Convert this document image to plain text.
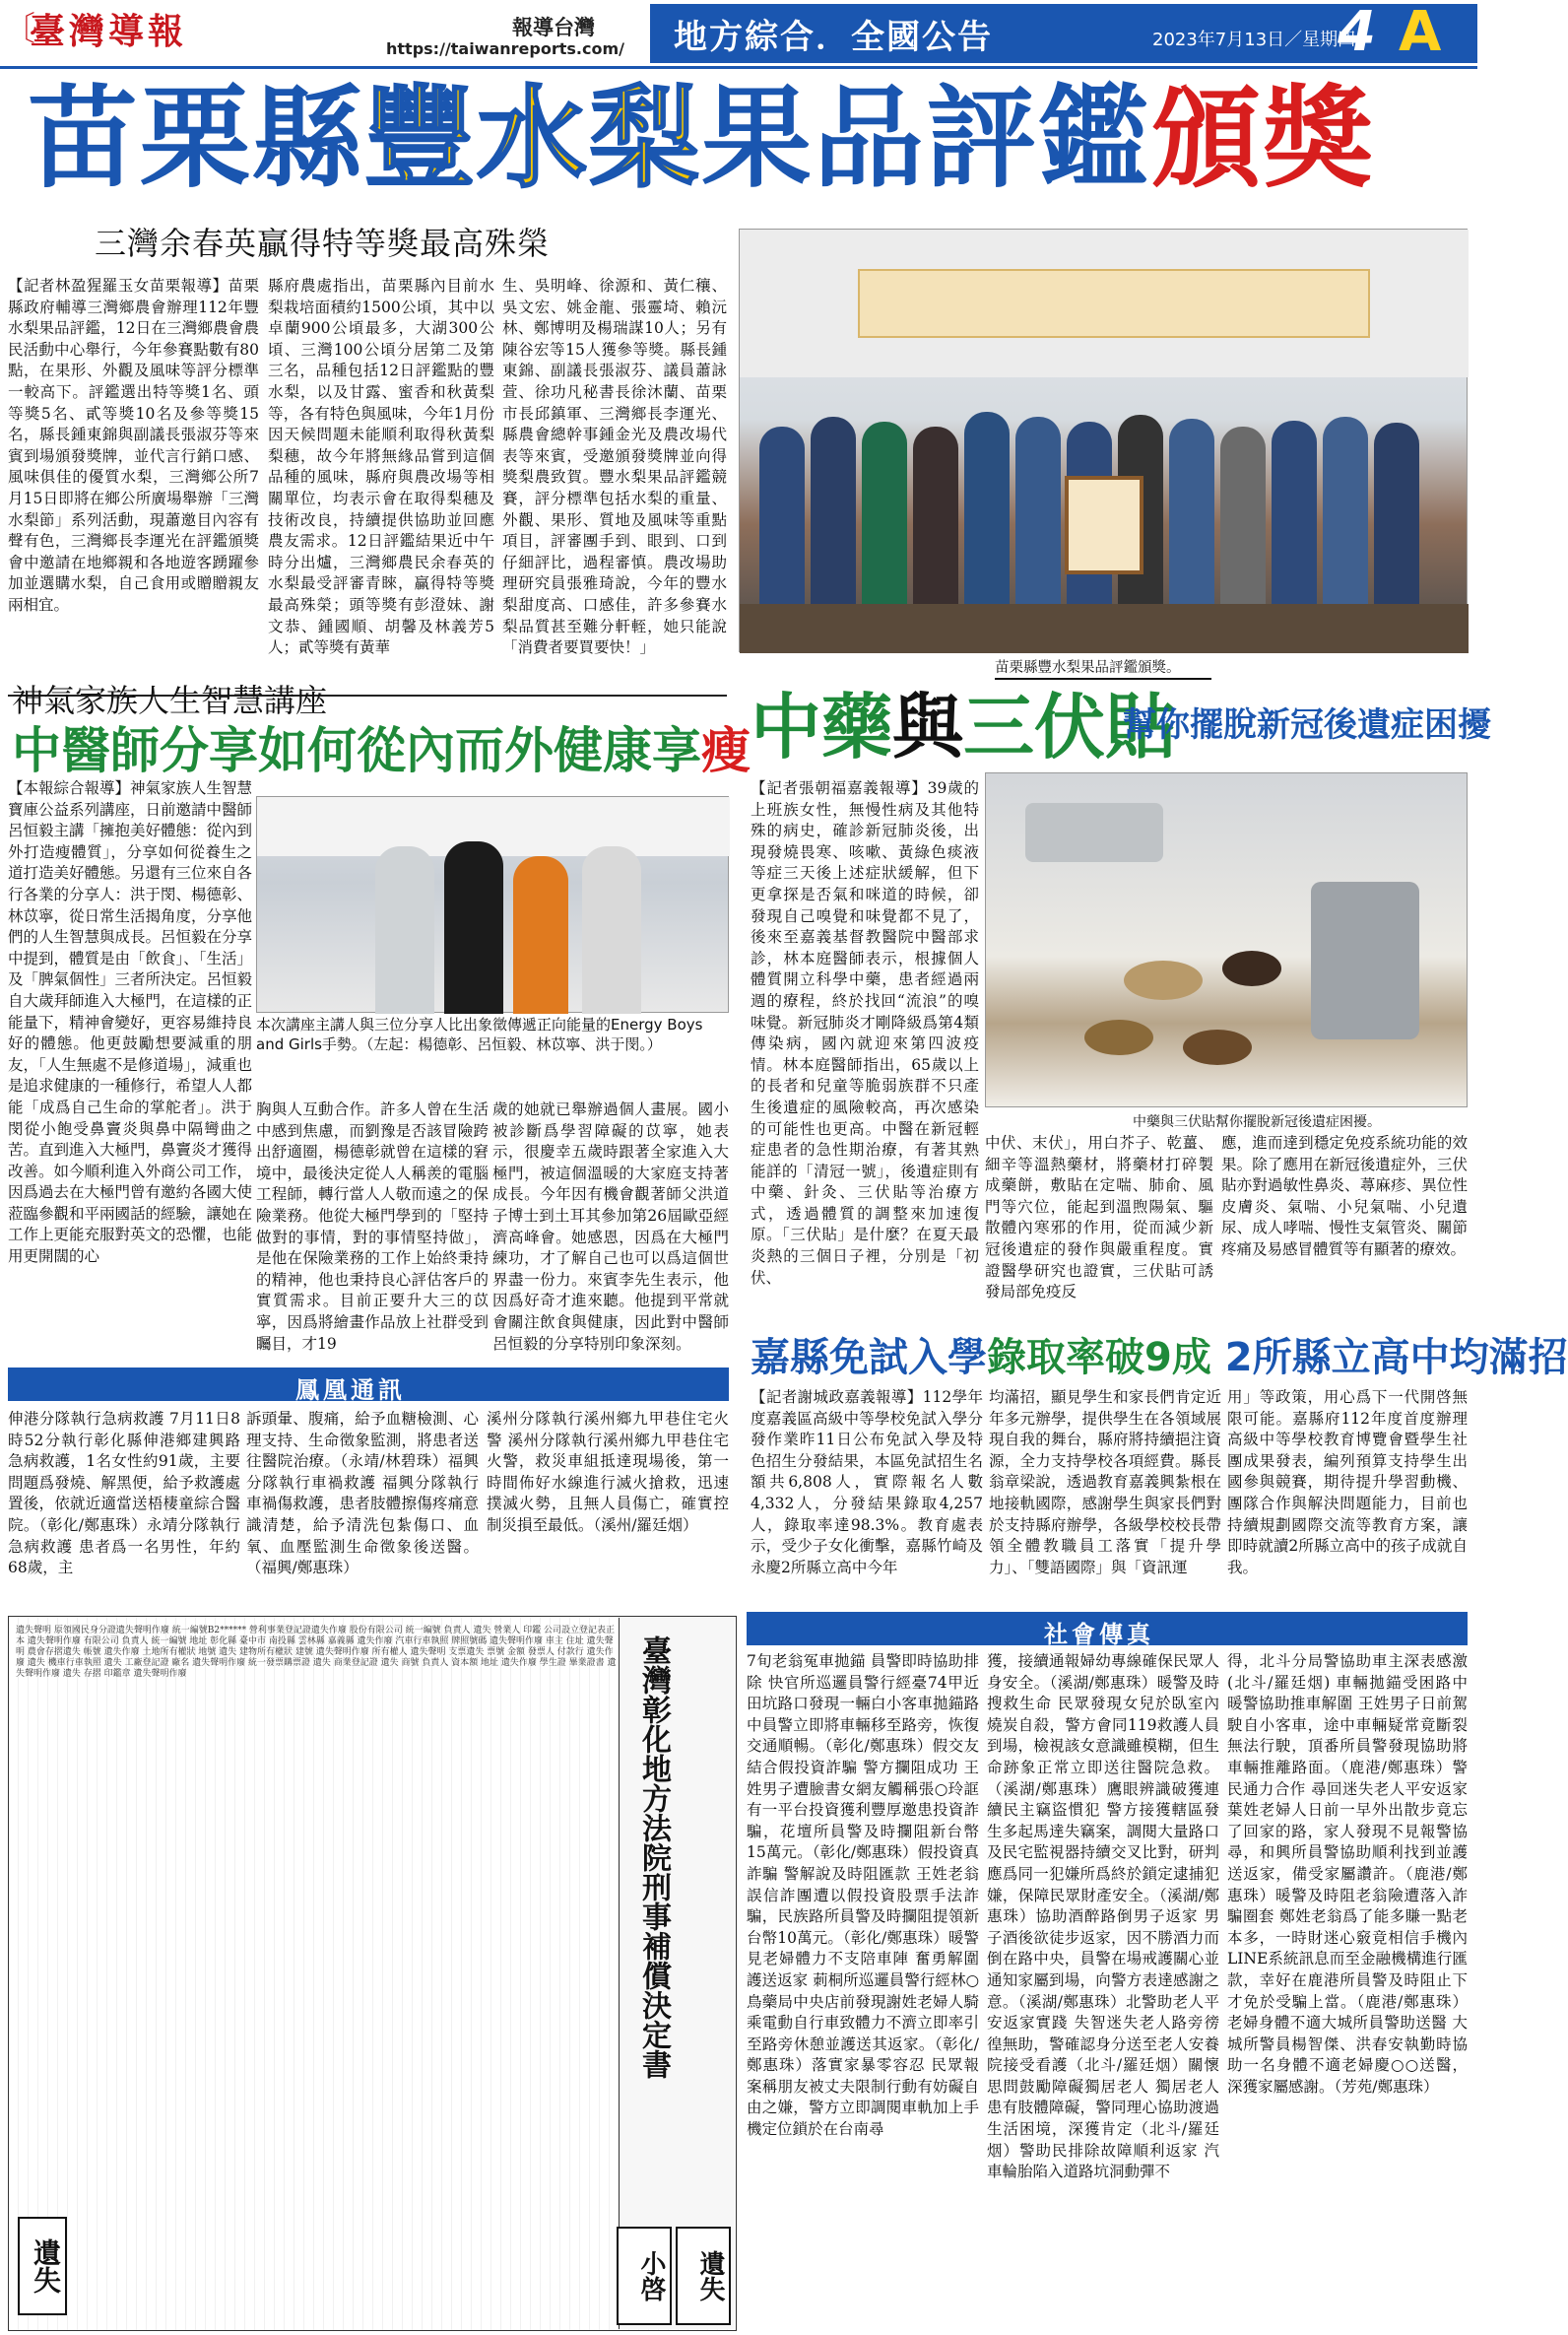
〔
臺灣導報	報導台灣
https://taiwanreports.com/ 地方綜合．全國公告	2023年7月13日／星期四
4 A
苗栗縣豐水梨果品評鑑頒獎
三灣余春英贏得特等獎最高殊榮
【記者林盈猩羅玉女苗栗報導】苗栗縣政府輔導三灣鄉農會辦理112年豐水梨果品評鑑，12日在三灣鄉農會農民活動中心舉行，今年參賽點數有80點，在果形、外觀及風味等評分標準一較高下。評鑑選出特等獎1名、頭等獎5名、貳等獎10名及參等獎15名，縣長鍾東錦與副議長張淑芬等來賓到場頒發獎牌，並代言行銷口感、風味俱佳的優質水梨，三灣鄉公所7月15日即將在鄉公所廣場舉辦「三灣水梨節」系列活動，現蕭邀目內容有聲有色，三灣鄉長李運光在評鑑頒獎會中邀請在地鄉親和各地遊客踴躍參加並選購水梨，自己食用或贈贈親友兩相宜。
縣府農處指出，苗栗縣內目前水梨栽培面積約1500公頃，其中以卓蘭900公頃最多，大湖300公頃、三灣100公頃分居第二及第三名，品種包括12日評鑑點的豐水梨，以及甘露、蜜香和秋黃梨等，各有特色與風味，今年1月份因天候問題未能順利取得秋黃梨梨穗，故今年將無緣品嘗到這個品種的風味，縣府與農改場等相關單位，均表示會在取得梨穗及技術改良，持續提供協助並回應農友需求。12日評鑑結果近中午時分出爐，三灣鄉農民余春英的水梨最受評審青睞，贏得特等獎最高殊榮；頭等獎有彭澄妹、謝文恭、鍾國順、胡馨及林義芳5人；貳等獎有黃華
生、吳明峰、徐源和、黃仁穰、吳文宏、姚金龍、張靈埼、賴沅林、鄭博明及楊瑞謀10人；另有陳谷宏等15人獲參等獎。縣長鍾東錦、副議長張淑芬、議員蕭詠萱、徐功凡秘書長徐沐蘭、苗栗市長邱鎮軍、三灣鄉長李運光、縣農會總幹事鍾金光及農改場代表等來賓，受邀頒發獎牌並向得獎梨農致賀。豐水梨果品評鑑競賽，評分標準包括水梨的重量、外觀、果形、質地及風味等重點項目，評審團手到、眼到、口到仔細評比，過程審慎。農改場助理研究員張雅琦說，今年的豐水梨甜度高、口感佳，許多參賽水梨品質甚至難分軒輊，她只能說「消費者要買要快！」
苗栗縣豐水梨果品評鑑頒獎。
神氣家族人生智慧講座
中醫師分享如何從內而外健康享瘦
【本報綜合報導】神氣家族人生智慧寶庫公益系列講座，日前邀請中醫師呂恒毅主講「擁抱美好體態：從內到外打造瘦體質」，分享如何從養生之道打造美好體態。另還有三位來自各行各業的分享人：洪于閔、楊德彰、林苡寧，從日常生活揭角度，分享他們的人生智慧與成長。呂恒毅在分享中提到，體質是由「飲食」、「生活」及「脾氣個性」三者所決定。呂恒毅自大歲拜師進入大極門，在這樣的正能量下，精神會變好，更容易維持良好的體態。他更鼓勵想要減重的朋友，「人生無處不是修道場」，減重也是追求健康的一種修行，希望人人都能「成爲自己生命的掌舵者」。洪于閔從小飽受鼻竇炎與鼻中隔彎曲之苦。直到進入大極門，鼻竇炎才獲得改善。如今順利進入外商公司工作，因爲過去在大極門曾有邀約各國大使蒞臨參觀和平兩國話的經驗，讓她在工作上更能充服對英文的恐懼，也能用更開闊的心
本次講座主講人與三位分享人比出象徵傳遞正向能量的Energy Boys and Girls手勢。（左起：楊德彰、呂恒毅、林苡寧、洪于閔。）
胸與人互動合作。許多人曾在生活中感到焦慮，而劉豫是否該冒險跨出舒適圈，楊德彰就曾在這樣的窘境中，最後決定從人人稱羨的電腦工程師，轉行當人人敬而遠之的保險業務。他從大極門學到的「堅持做對的事情，對的事情堅持做」，是他在保險業務的工作上始終秉持的精神，他也秉持良心評估客戶的實質需求。目前正要升大三的苡寧，因爲將繪畫作品放上社群受到矚目，才19
歲的她就已舉辦過個人畫展。國小被診斷爲學習障礙的苡寧，她表示，很慶幸五歲時跟著全家進入大極門，被這個溫暖的大家庭支持著成長。今年因有機會觀著師父洪道子博士到土耳其參加第26屆歐亞經濟高峰會。她感恩，因爲在大極門練功，才了解自己也可以爲這個世界盡一份力。來賓李先生表示，他因爲好奇才進來聽。他提到平常就會關注飲食與健康，因此對中醫師呂恒毅的分享特別印象深刻。
中藥與三伏貼
幫你擺脫新冠後遺症困擾
【記者張朝福嘉義報導】39歲的上班族女性，無慢性病及其他特殊的病史，確診新冠肺炎後，出現發燒畏寒、咳嗽、黃綠色痰液等症三天後上述症狀緩解，但下更拿探是否氣和咪道的時候，卻發現自己嗅覺和味覺都不見了，後來至嘉義基督教醫院中醫部求診，林本庭醫師表示，根據個人體質開立科學中藥，患者經過兩週的療程，終於找回“流浪”的嗅味覺。新冠肺炎才剛降級爲第4類傳染病，國內就迎來第四波疫情。林本庭醫師指出，65歲以上的長者和兒童等脆弱族群不只產生後遺症的風險較高，再次感染的可能性也更高。中醫在新冠輕症患者的急性期治療，有著其熟能詳的「清冠一號」，後遺症則有中藥、針灸、三伏貼等治療方式，透過體質的調整來加速復原。「三伏貼」是什麼？在夏天最炎熱的三個日子裡，分別是「初伏、
中藥與三伏貼幫你擺脫新冠後遺症困擾。
中伏、末伏」，用白芥子、乾薑、細辛等溫熱藥材，將藥材打碎製成藥餅，敷貼在定喘、肺俞、風門等穴位，能起到溫煦陽氣、驅散體內寒邪的作用，從而減少新冠後遺症的發作與嚴重程度。實證醫學研究也證實，三伏貼可誘發局部免疫反
應，進而達到穩定免疫系統功能的效果。除了應用在新冠後遺症外，三伏貼亦對過敏性鼻炎、蕁麻疹、異位性皮膚炎、氣喘、小兒氣喘、小兒遺尿、成人哮喘、慢性支氣管炎、關節疼痛及易感冒體質等有顯著的療效。
嘉縣免試入學錄取率破9成 2所縣立高中均滿招
【記者謝城政嘉義報導】112學年度嘉義區高級中等學校免試入學分發作業昨11日公布免試入學及特色招生分發結果，本區免試招生名額共6,808人，實際報名人數4,332人，分發結果錄取4,257人，錄取率達98.3%。教育處表示，受少子女化衝擊，嘉縣竹崎及永慶2所縣立高中今年
均滿招，顯見學生和家長們肯定近年多元辦學，提供學生在各領域展現自我的舞台，縣府將持續挹注資源，全力支持學校各項經費。縣長翁章梁說，透過教育嘉義興紮根在地接軌國際，感謝學生與家長們對於支持縣府辦學，各級學校校長帶領全體教職員工落實「提升學力」、「雙語國際」與「資訊運
用」等政策，用心爲下一代開啓無限可能。嘉縣府112年度首度辦理高級中等學校教育博覽會暨學生社團成果發表，編列預算支持學生出國參與競賽，期待提升學習動機、團隊合作與解決問題能力，目前也持續規劃國際交流等教育方案，讓即時就讀2所縣立高中的孩子成就自我。
鳳凰通訊
伸港分隊執行急病救護 7月11日8時52分執行彰化縣伸港鄉建興路急病救護，1名女性約91歲，主要問題爲發燒、解黑便，給予救護處置後，依就近適當送梧棲童綜合醫院。（彰化/鄭惠珠）永靖分隊執行急病救護 患者爲一名男性，年約68歲，主
訴頭暈、腹痛，給予血糖檢測、心理支持、生命徵象監測，將患者送往醫院治療。（永靖/林碧珠）福興分隊執行車禍救護 福興分隊執行車禍傷救護，患者肢體擦傷疼痛意識清楚，給予清洗包紮傷口、血氧、血壓監測生命徵象後送醫。（福興/鄭惠珠）
溪州分隊執行溪州鄉九甲巷住宅火警 溪州分隊執行溪州鄉九甲巷住宅火警，救災車組抵達現場後，第一時間佈好水線進行滅火搶救，迅速撲滅火勢，且無人員傷亡，確實控制災損至最低。（溪州/羅廷烟）
社會傳真
7旬老翁冤車拋錨 員警即時協助排除 快官所巡邏員警行經臺74甲近田坑路口發現一輛白小客車拋錨路中員警立即將車輛移至路旁，恢復交通順暢。（彰化/鄭惠珠）假交友結合假投資詐騙 警方攔阻成功 王姓男子遭臉書女網友觸稱張○玲誆有一平台投資獲利豐厚邀患投資詐騙，花壇所員警及時攔阻新台幣15萬元。（彰化/鄭惠珠）假投資真詐騙 警解說及時阻匯款 王姓老翁誤信詐團遭以假投資股票手法詐騙，民族路所員警及時攔阻提領新台幣10萬元。（彰化/鄭惠珠）暖警見老婦體力不支陪車陣 奮勇解圍護送返家 莿桐所巡邏員警行經林○鳥藥局中央店前發現謝姓老婦人騎乘電動自行車致體力不濟立即率引至路旁休憩並護送其返家。（彰化/鄭惠珠）落實家暴零容忍 民眾報案稱朋友被丈夫限制行動有妨礙自由之嫌，警方立即調閱車軌加上手機定位鎖於在台南尋
獲，接續通報婦幼專線確保民眾人身安全。（溪湖/鄭惠珠）暖警及時搜救生命 民眾發現女兒於臥室內燒炭自殺，警方會同119救護人員到場，檢視該女意識雖模糊，但生命跡象正常立即送往醫院急救。（溪湖/鄭惠珠）鷹眼辨識破獲連續民主竊盜慣犯 警方接獲轄區發生多起馬達失竊案，調閱大量路口及民宅監視器持續交叉比對，研判應爲同一犯嫌所爲終於鎖定逮捕犯嫌，保障民眾財產安全。（溪湖/鄭惠珠）協助酒醉路倒男子返家 男子酒後欲徒步返家，因不勝酒力而倒在路中央，員警在場戒護關心並通知家屬到場，向警方表達感謝之意。（溪湖/鄭惠珠）北警助老人平安返家實踐 失智迷失老人路旁徬徨無助，警確認身分送至老人安養院接受看護（北斗/羅廷烟）關懷思問鼓勵障礙獨居老人 獨居老人患有肢體障礙，警同理心協助渡過生活困境，深獲肯定（北斗/羅廷烟）警助民排除故障順利返家 汽車輪胎陷入道路坑洞動彈不
得，北斗分局警協助車主深表感激(北斗/羅廷烟) 車輛拋錨受困路中 暖警協助推車解圍 王姓男子日前駕駛自小客車，途中車輛疑常竟斷裂無法行駛，頂番所員警發現協助將車輛推離路面。（鹿港/鄭惠珠）警民通力合作 尋回迷失老人平安返家 葉姓老婦人日前一早外出散步竟忘了回家的路，家人發現不見報警協尋，和興所員警協助順利找到並護送返家，備受家屬讚許。（鹿港/鄭惠珠）暖警及時阻老翁險遭落入詐騙圈套 鄭姓老翁爲了能多賺一點老本多，一時財迷心竅竟相信手機內LINE系統訊息而至金融機構進行匯款，幸好在鹿港所員警及時阻止下才免於受騙上當。（鹿港/鄭惠珠）老婦身體不適大城所員警助送醫 大城所警員楊智傑、洪春安執勤時協助一名身體不適老婦慶○○送醫，深獲家屬感謝。（芳苑/鄭惠珠）
遺失聲明 原領國民身分證遺失聲明作廢 統一編號B2****** 營利事業登記證遺失作廢 股份有限公司 統一編號 負責人 遺失 營業人 印鑑 公司設立登記表正本 遺失聲明作廢 有限公司 負責人 統一編號 地址 彰化縣 臺中市 南投縣 雲林縣 嘉義縣 遺失作廢 汽車行車執照 牌照號碼 遺失聲明作廢 車主 住址 遺失聲明 農會存摺遺失 帳號 遺失作廢 土地所有權狀 地號 遺失 建物所有權狀 建號 遺失聲明作廢 所有權人 遺失聲明 支票遺失 票號 金額 發票人 付款行 遺失作廢 遺失 機車行車執照 遺失 工廠登記證 廠名 遺失聲明作廢 統一發票購票證 遺失 商業登記證 遺失 商號 負責人 資本額 地址 遺失作廢 學生證 畢業證書 遺失聲明作廢 遺失 存摺 印鑑章 遺失聲明作廢	臺灣彰化地方法院刑事補償決定書
遺失	小啓	遺失
